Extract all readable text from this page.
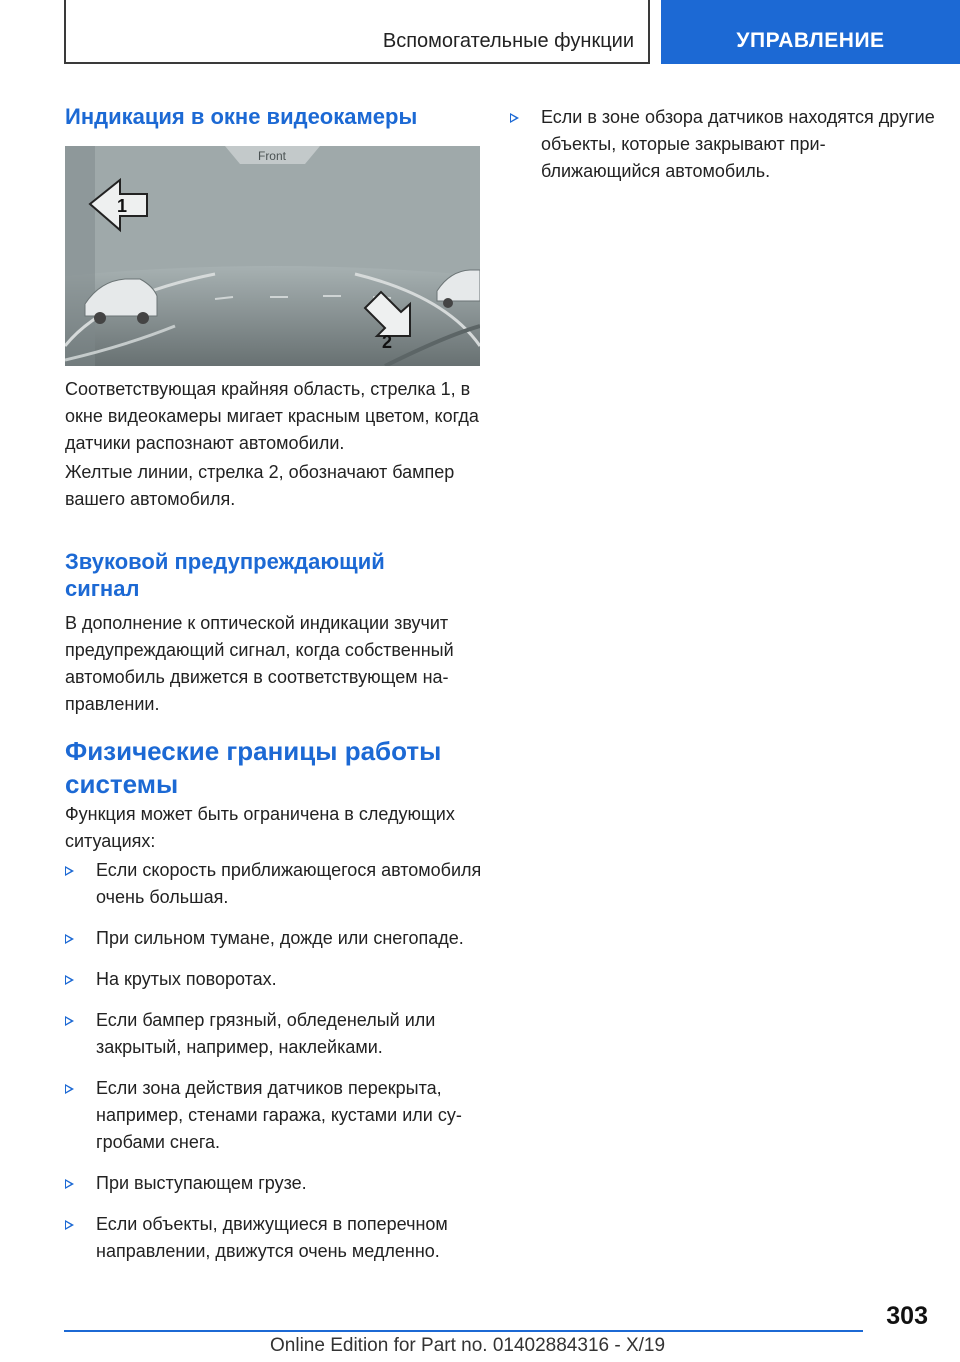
Вспомогательные функции	УПРАВЛЕНИЕ
Индикация в окне видеокамеры
Front
1
2

Соответствующая крайняя область, стрелка 1, в окне видеокамеры мигает красным цветом, когда датчики распознают автомобили.

Желтые линии, стрелка 2, обозначают бампер вашего автомобиля.

Звуковой предупреждающий сигнал

В дополнение к оптической индикации звучит предупреждающий сигнал, когда собственный автомобиль движется в соответствующем на-правлении.

Физические границы работы системы

Функция может быть ограничена в следующих ситуациях:

Если скорость приближающегося автомобиля очень большая.
При сильном тумане, дожде или снегопаде.
На крутых поворотах.
Если бампер грязный, обледенелый или закрытый, например, наклейками.
Если зона действия датчиков перекрыта, например, стенами гаража, кустами или су-гробами снега.
При выступающем грузе.
Если объекты, движущиеся в поперечном направлении, движутся очень медленно.
Если в зоне обзора датчиков находятся другие объекты, которые закрывают при-ближающийся автомобиль.
303
Online Edition for Part no. 01402884316 - X/19
